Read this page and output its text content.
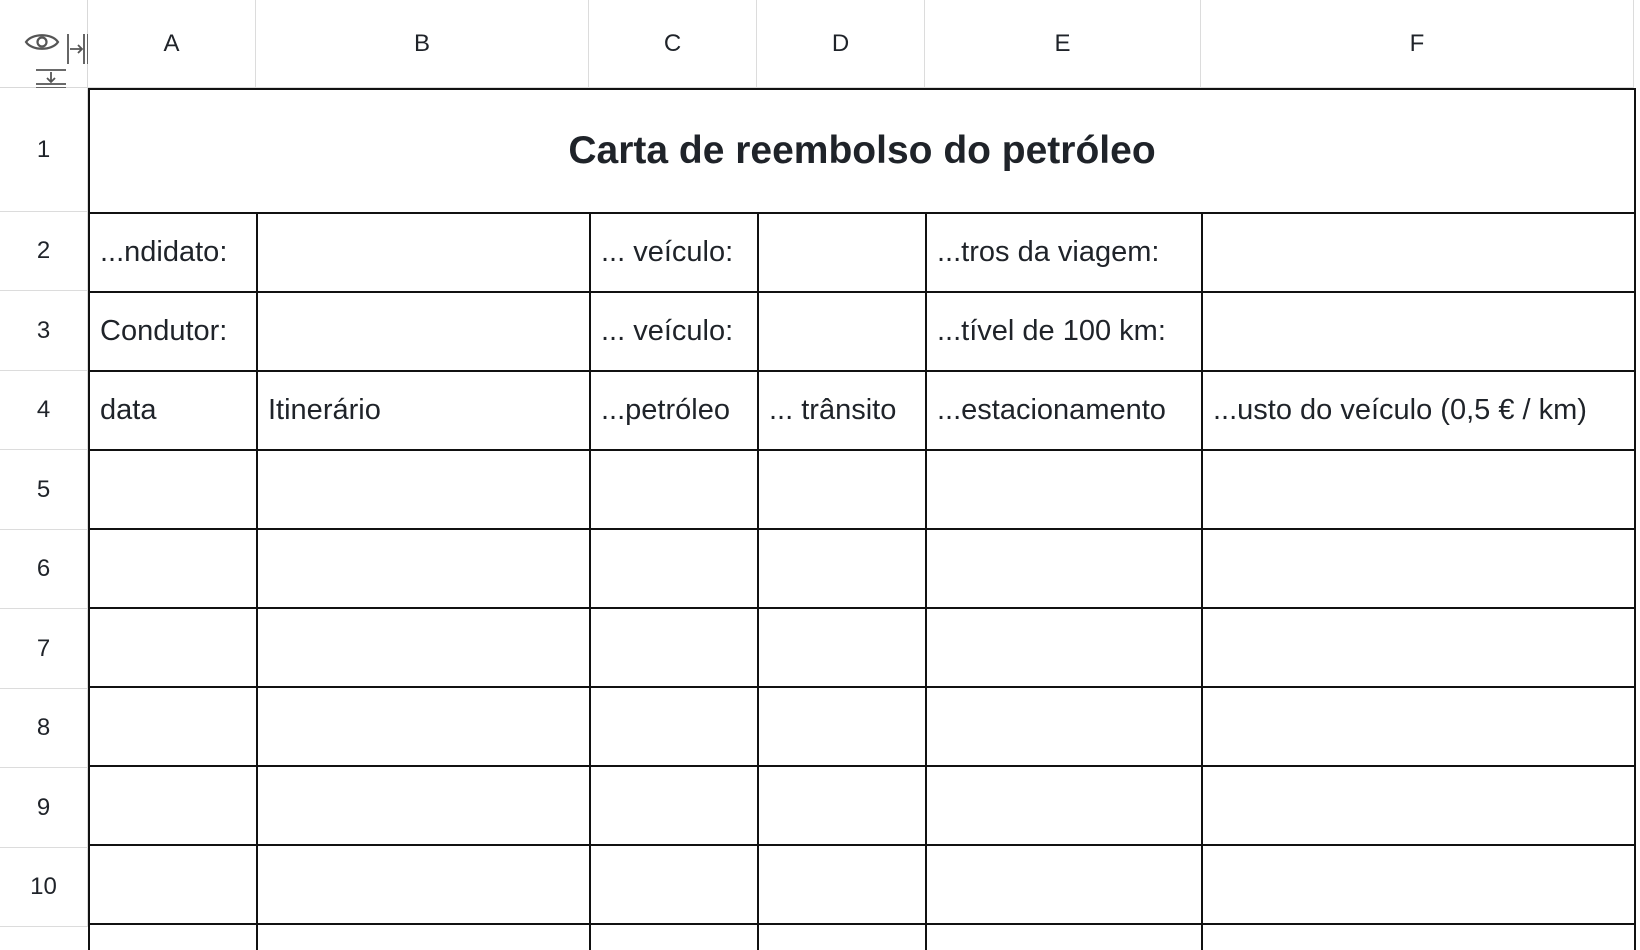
A	B	C	D	E	F
1
2
3
4
5
6
7
8
9
10
Carta de reembolso do petróleo					
...ndidato:		... veículo:		...tros da viagem:	
Condutor:		... veículo:		...tível de 100 km:	
data	Itinerário	...petróleo	... trânsito	...estacionamento	...usto do veículo (0,5 € / km)
